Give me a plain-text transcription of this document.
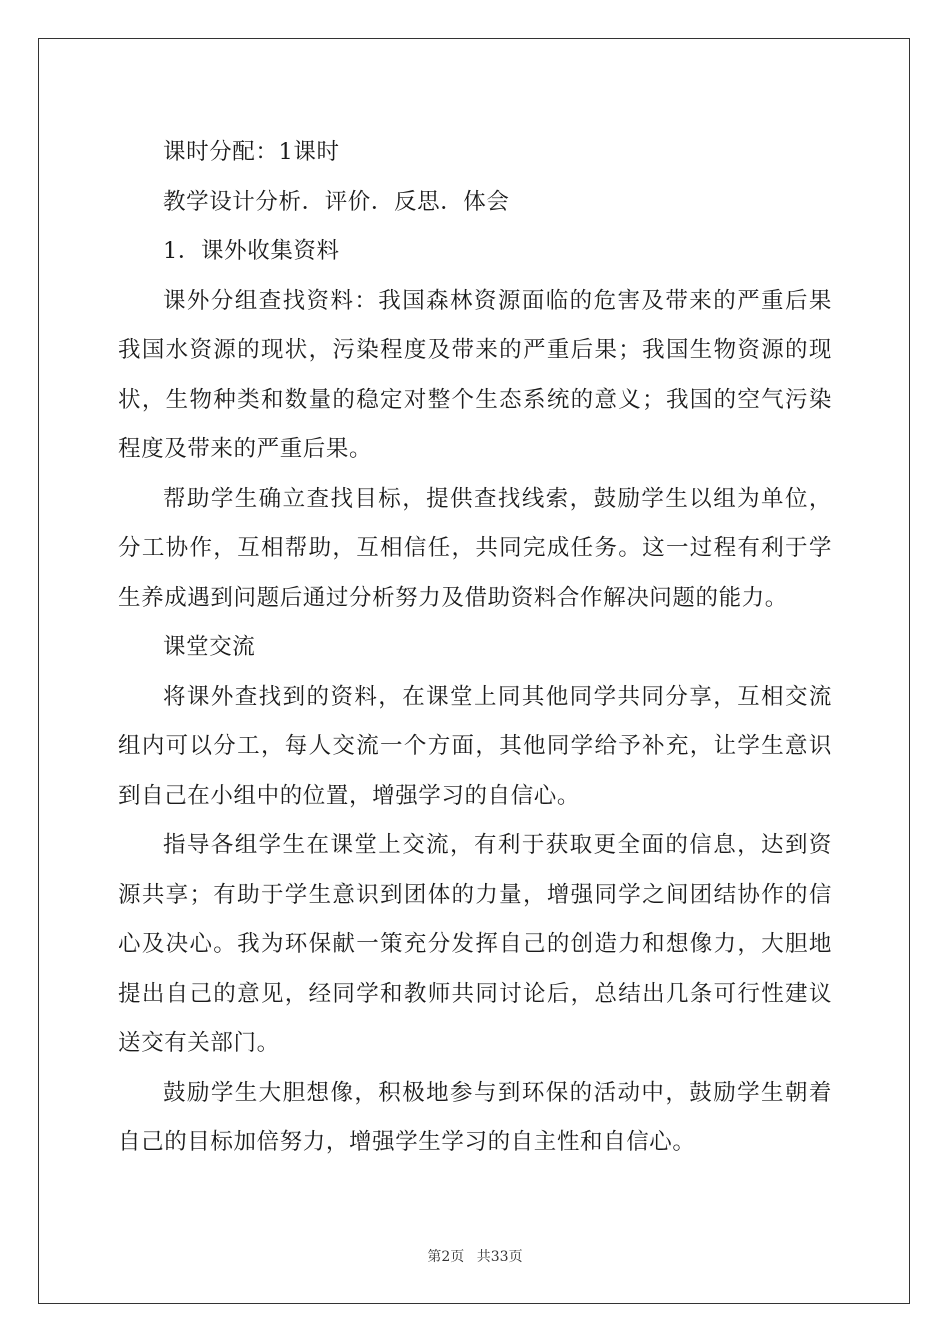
课时分配：1课时

教学设计分析．评价．反思．体会

1．课外收集资料

课外分组查找资料：我国森林资源面临的危害及带来的严重后果我国水资源的现状，污染程度及带来的严重后果；我国生物资源的现状，生物种类和数量的稳定对整个生态系统的意义；我国的空气污染程度及带来的严重后果。

帮助学生确立查找目标，提供查找线索，鼓励学生以组为单位，分工协作，互相帮助，互相信任，共同完成任务。这一过程有利于学生养成遇到问题后通过分析努力及借助资料合作解决问题的能力。

课堂交流

将课外查找到的资料，在课堂上同其他同学共同分享，互相交流组内可以分工，每人交流一个方面，其他同学给予补充，让学生意识到自己在小组中的位置，增强学习的自信心。

指导各组学生在课堂上交流，有利于获取更全面的信息，达到资源共享；有助于学生意识到团体的力量，增强同学之间团结协作的信心及决心。我为环保献一策充分发挥自己的创造力和想像力，大胆地提出自己的意见，经同学和教师共同讨论后，总结出几条可行性建议送交有关部门。

鼓励学生大胆想像，积极地参与到环保的活动中，鼓励学生朝着自己的目标加倍努力，增强学生学习的自主性和自信心。

第2页 共33页
